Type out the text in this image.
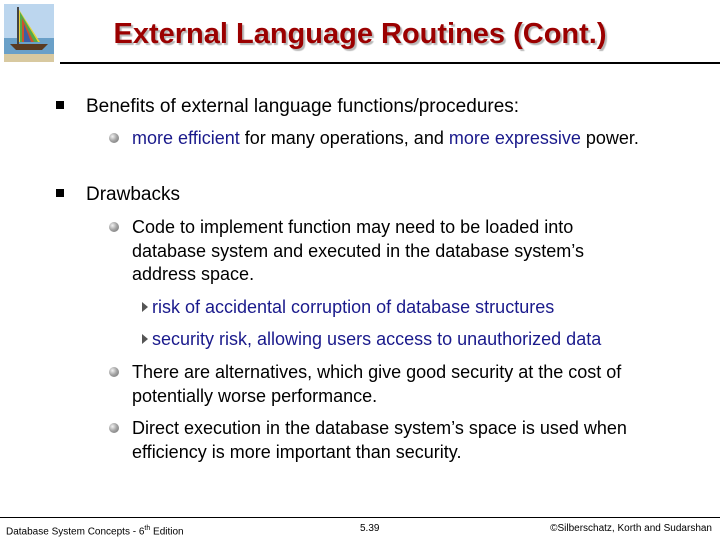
External Language Routines (Cont.)
Benefits of external language functions/procedures:
more efficient for many operations, and more expressive power.
Drawbacks
Code to implement function may need to be loaded into database system and executed in the database system’s address space.
risk of accidental corruption of database structures
security risk, allowing users access to unauthorized data
There are alternatives, which give good security at the cost of potentially worse performance.
Direct execution in the database system’s space is used when efficiency is more important than security.
Database System Concepts - 6th Edition	5.39	©Silberschatz, Korth and Sudarshan
